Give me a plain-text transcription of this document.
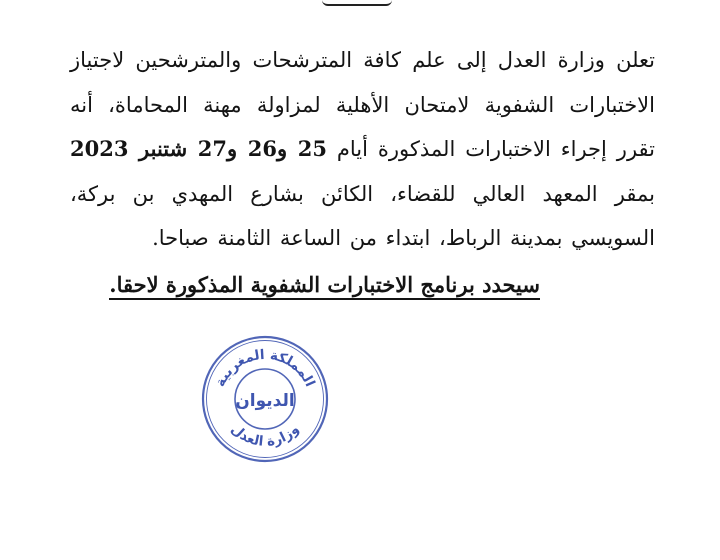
تعلن وزارة العدل إلى علم كافة المترشحات والمترشحين لاجتياز الاختبارات الشفوية لامتحان الأهلية لمزاولة مهنة المحاماة، أنه تقرر إجراء الاختبارات المذكورة أيام 25 و26 و27 شتنبر 2023 بمقر المعهد العالي للقضاء، الكائن بشارع المهدي بن بركة، السويسي بمدينة الرباط، ابتداء من الساعة الثامنة صباحا.
سيحدد برنامج الاختبارات الشفوية المذكورة لاحقا.
المملكة المغربية
وزارة العدل
الديوان
